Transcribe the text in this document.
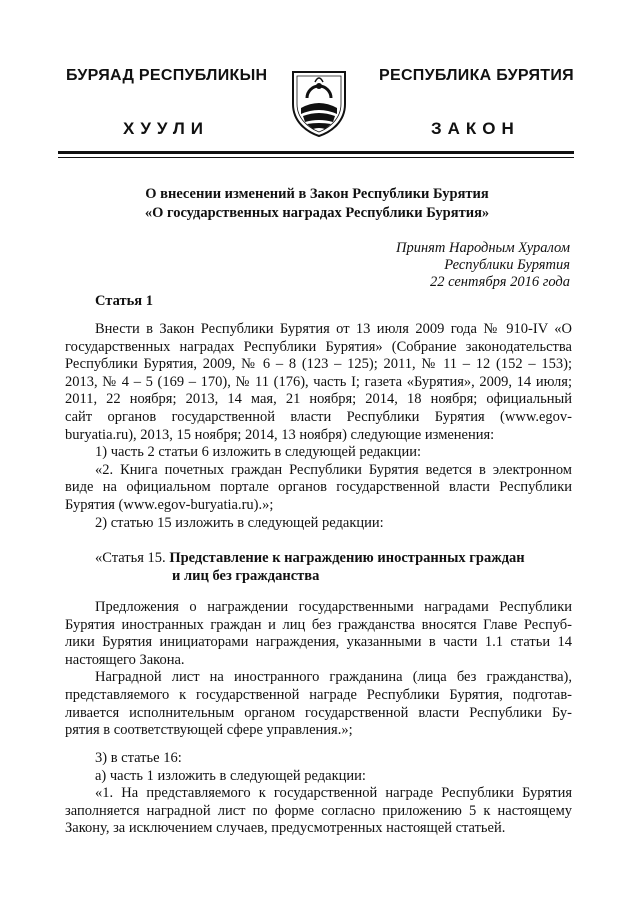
БУРЯАД РЕСПУБЛИКЫН
ХУУЛИ
РЕСПУБЛИКА БУРЯТИЯ
ЗАКОН
О внесении изменений в Закон Республики Бурятия
«О государственных наградах Республики Бурятия»
Принят Народным Хуралом
Республики Бурятия
22 сентября 2016 года
Статья 1
Внести в Закон Республики Бурятия от 13 июля 2009 года № 910-IV «О
государственных наградах Республики Бурятия» (Собрание законодательства
Республики Бурятия, 2009, № 6 – 8 (123 – 125); 2011, № 11 – 12 (152 – 153);
2013, № 4 – 5 (169 – 170), № 11 (176), часть I; газета «Бурятия», 2009, 14 июля;
2011, 22 ноября; 2013, 14 мая, 21 ноября; 2014, 18 ноября; официальный
сайт органов государственной власти Республики Бурятия (www.egov-
buryatia.ru), 2013, 15 ноября; 2014, 13 ноября) следующие изменения:
1) часть 2 статьи 6 изложить в следующей редакции:
«2. Книга почетных граждан Республики Бурятия ведется в электронном
виде на официальном портале органов государственной власти Республики
Бурятия (www.egov-buryatia.ru).»;
2) статью 15 изложить в следующей редакции:
«Статья 15. Представление к награждению иностранных граждан
и лиц без гражданства
Предложения о награждении государственными наградами Республики
Бурятия иностранных граждан и лиц без гражданства вносятся Главе Респуб-
лики Бурятия инициаторами награждения, указанными в части 1.1 статьи 14
настоящего Закона.
Наградной лист на иностранного гражданина (лица без гражданства),
представляемого к государственной награде Республики Бурятия, подготав-
ливается исполнительным органом государственной власти Республики Бу-
рятия в соответствующей сфере управления.»;
3) в статье 16:
а) часть 1 изложить в следующей редакции:
«1. На представляемого к государственной награде Республики Бурятия
заполняется наградной лист по форме согласно приложению 5 к настоящему
Закону, за исключением случаев, предусмотренных настоящей статьей.
